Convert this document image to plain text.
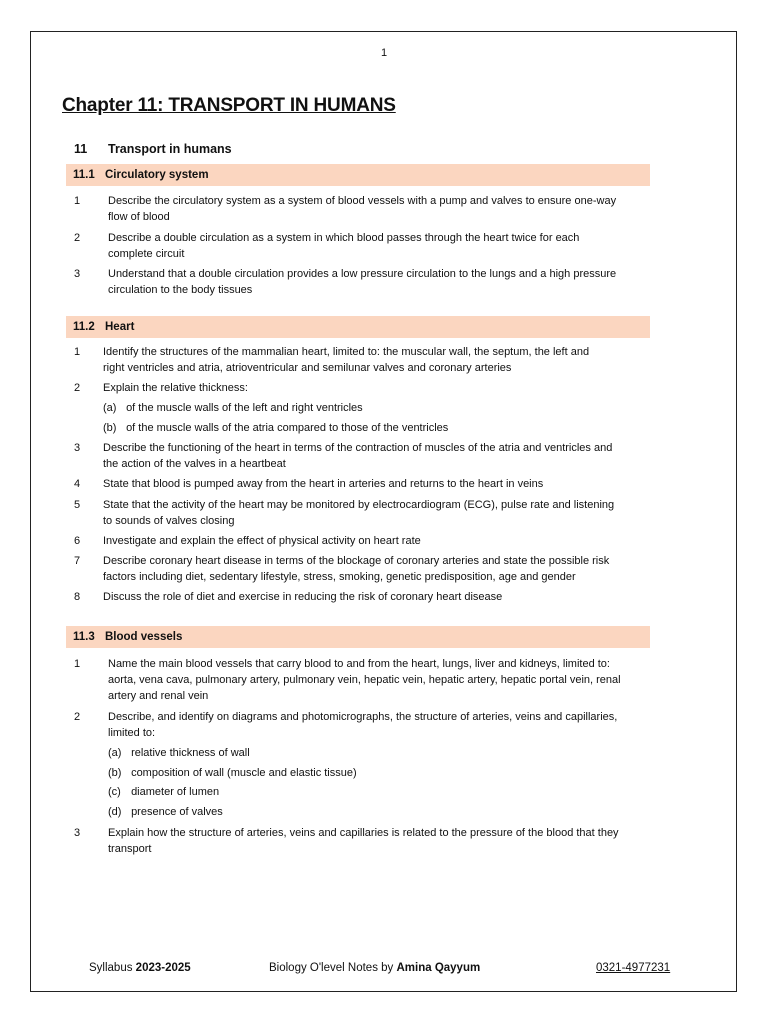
1
Chapter 11: TRANSPORT IN HUMANS
11 Transport in humans
11.1 Circulatory system
1	Describe the circulatory system as a system of blood vessels with a pump and valves to ensure one-way
flow of blood
2	Describe a double circulation as a system in which blood passes through the heart twice for each
complete circuit
3	Understand that a double circulation provides a low pressure circulation to the lungs and a high pressure
circulation to the body tissues
11.2 Heart
1 Identify the structures of the mammalian heart, limited to: the muscular wall, the septum, the left and
right ventricles and atria, atrioventricular and semilunar valves and coronary arteries
2 Explain the relative thickness:
(a) of the muscle walls of the left and right ventricles
(b) of the muscle walls of the atria compared to those of the ventricles
3 Describe the functioning of the heart in terms of the contraction of muscles of the atria and ventricles and
the action of the valves in a heartbeat
4 State that blood is pumped away from the heart in arteries and returns to the heart in veins
5 State that the activity of the heart may be monitored by electrocardiogram (ECG), pulse rate and listening
to sounds of valves closing
6 Investigate and explain the effect of physical activity on heart rate
7 Describe coronary heart disease in terms of the blockage of coronary arteries and state the possible risk
factors including diet, sedentary lifestyle, stress, smoking, genetic predisposition, age and gender
8 Discuss the role of diet and exercise in reducing the risk of coronary heart disease
11.3 Blood vessels
1	Name the main blood vessels that carry blood to and from the heart, lungs, liver and kidneys, limited to:
aorta, vena cava, pulmonary artery, pulmonary vein, hepatic vein, hepatic artery, hepatic portal vein, renal
artery and renal vein
2	Describe, and identify on diagrams and photomicrographs, the structure of arteries, veins and capillaries,
limited to:
(a) relative thickness of wall
(b) composition of wall (muscle and elastic tissue)
(c) diameter of lumen
(d) presence of valves
3	Explain how the structure of arteries, veins and capillaries is related to the pressure of the blood that they
transport
Syllabus 2023-2025	Biology O'level Notes by Amina Qayyum	0321-4977231
